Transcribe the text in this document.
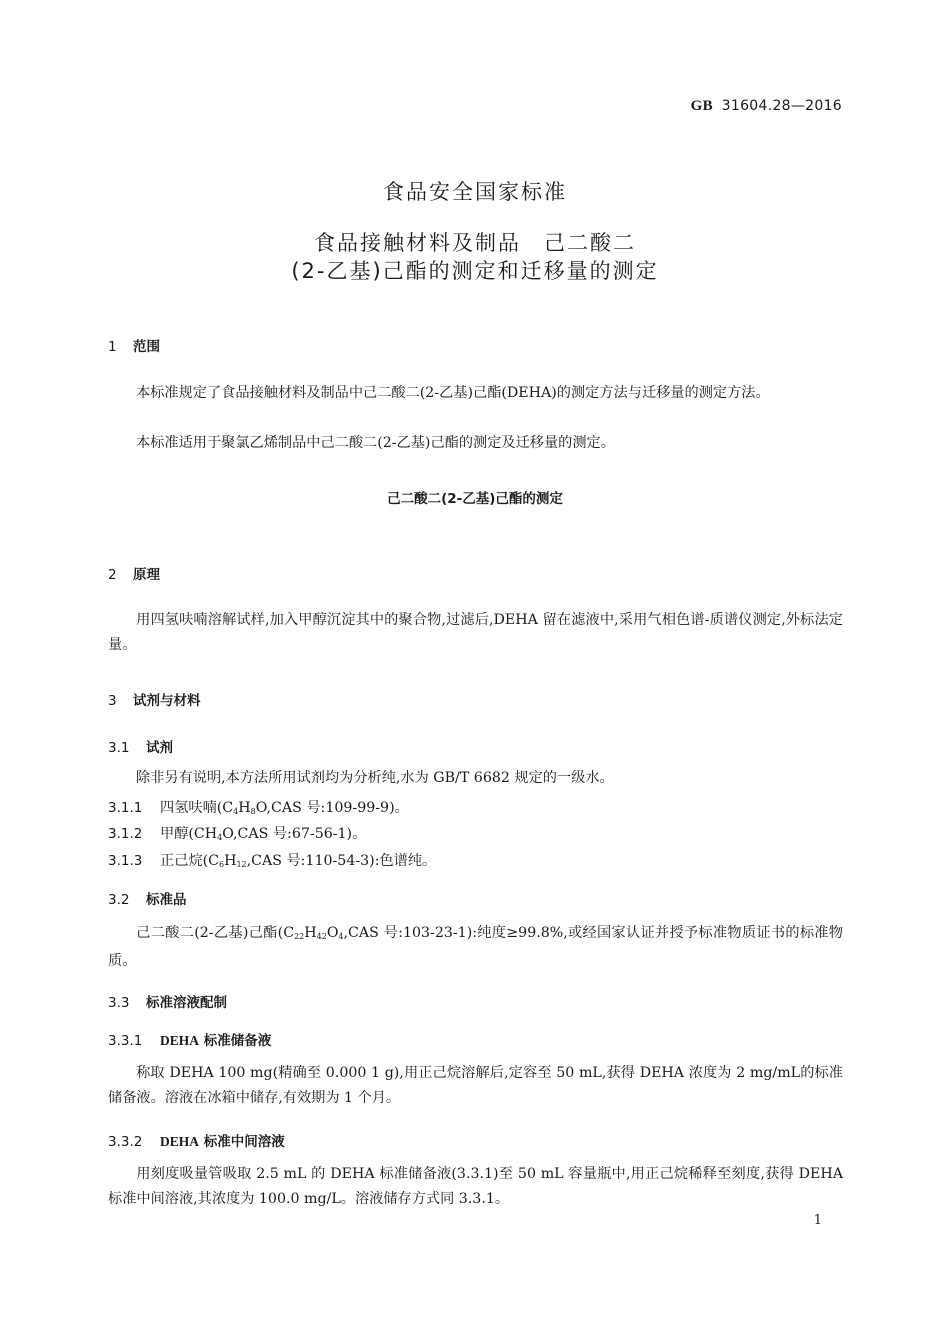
GB 31604.28—2016
食品安全国家标准
食品接触材料及制品　己二酸二
(2-乙基)己酯的测定和迁移量的测定
1 范围
本标准规定了食品接触材料及制品中己二酸二(2-乙基)己酯(DEHA)的测定方法与迁移量的测定方法。
本标准适用于聚氯乙烯制品中己二酸二(2-乙基)己酯的测定及迁移量的测定。
己二酸二(2-乙基)己酯的测定
2 原理
用四氢呋喃溶解试样,加入甲醇沉淀其中的聚合物,过滤后,DEHA 留在滤液中,采用气相色谱-质谱仪测定,外标法定量。
3 试剂与材料
3.1 试剂
除非另有说明,本方法所用试剂均为分析纯,水为 GB/T 6682 规定的一级水。
3.1.1 四氢呋喃($C_4H_8O,CAS$ 号:109-99-9)。
3.1.2 甲醇($CH_4O,CAS$ 号:67-56-1)。
3.1.3 正己烷($C_6H_{12},CAS$ 号:110-54-3):色谱纯。
3.2 标准品
己二酸二(2-乙基)己酯($C_{22}H_{42}O_4,CAS$ 号:103-23-1):纯度≥99.8%,或经国家认证并授予标准物质证书的标准物质。
3.3 标准溶液配制
3.3.1 DEHA 标准储备液
称取 DEHA 100 mg(精确至 0.000 1 g),用正己烷溶解后,定容至 50 mL,获得 DEHA 浓度为 2 mg/mL的标准储备液。溶液在冰箱中储存,有效期为 1 个月。
3.3.2 DEHA 标准中间溶液
用刻度吸量管吸取 2.5 mL 的 DEHA 标准储备液(3.3.1)至 50 mL 容量瓶中,用正己烷稀释至刻度,获得 DEHA 标准中间溶液,其浓度为 100.0 mg/L。溶液储存方式同 3.3.1。
1
